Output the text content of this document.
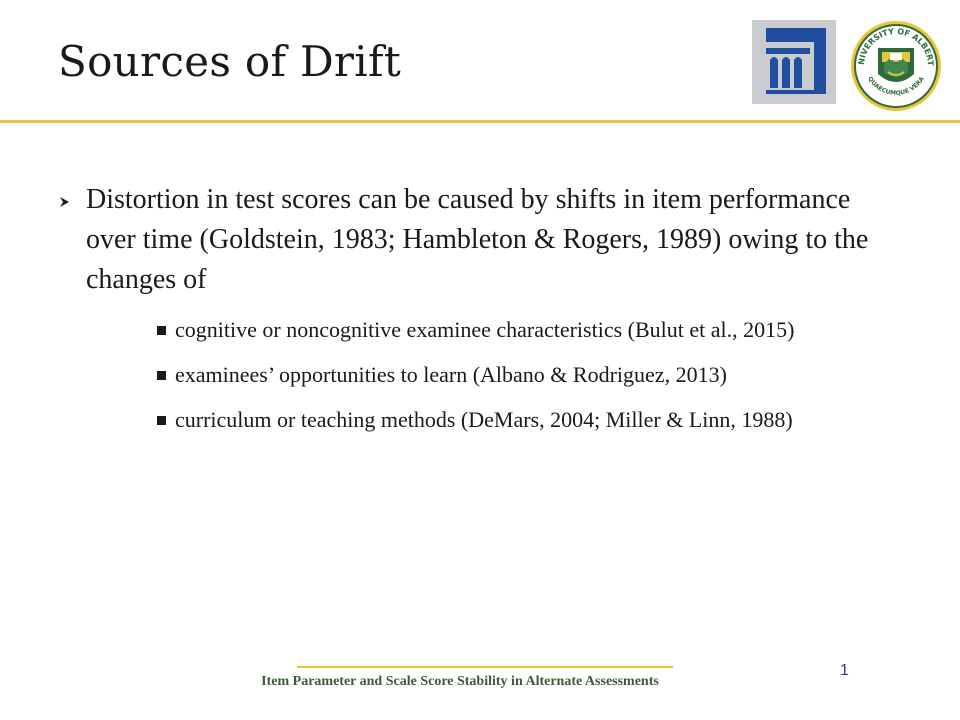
Sources of Drift	NIVERSITY OF ALBERT
QUAECUMQUE VERA
Distortion in test scores can be caused by shifts in item performance over time (Goldstein, 1983; Hambleton & Rogers, 1989) owing to the changes of
cognitive or noncognitive examinee characteristics (Bulut et al., 2015)
examinees’ opportunities to learn (Albano & Rodriguez, 2013)
curriculum or teaching methods (DeMars, 2004; Miller & Linn, 1988)
Item Parameter and Scale Score Stability in Alternate Assessments
1
